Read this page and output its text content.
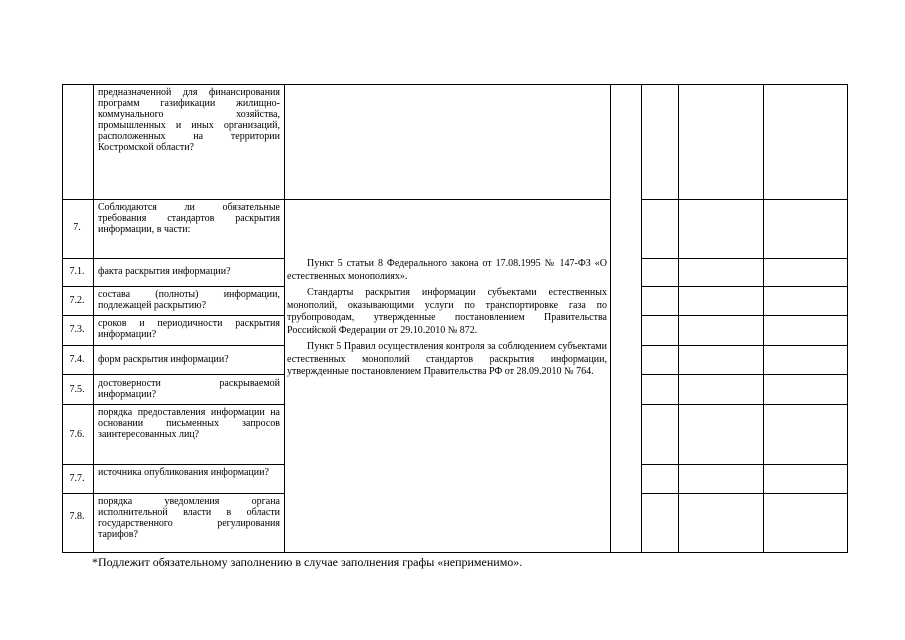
предназначенной для финансирования программ газификации жилищно-коммунального хозяйства, промышленных и иных организаций, расположенных на территории Костромской области?
7.
Соблюдаются ли обязательные требования стандартов раскрытия информации, в части:
7.1.	факта раскрытия информации?
7.2.
состава (полноты) информации, подлежащей раскрытию?
7.3.
сроков и периодичности раскрытия информации?
7.4.	форм раскрытия информации?
7.5.
достоверности раскрываемой информации?
7.6.
порядка предоставления информации на основании письменных запросов заинтересованных лиц?
7.7.
источника опубликования информации?
7.8.
порядка уведомления органа исполнительной власти в области государственного регулирования тарифов?

Пункт 5 статьи 8 Федерального закона от 17.08.1995 № 147-ФЗ «О естественных монополиях».

Стандарты раскрытия информации субъектами естественных монополий, оказывающими услуги по транспортировке газа по трубопроводам, утвержденные постановлением Правительства Российской Федерации от 29.10.2010 № 872.

Пункт 5 Правил осуществления контроля за соблюдением субъектами естественных монополий стандартов раскрытия информации, утвержденные постановлением Правительства РФ от 28.09.2010 № 764.

*Подлежит обязательному заполнению в случае заполнения графы «неприменимо».
